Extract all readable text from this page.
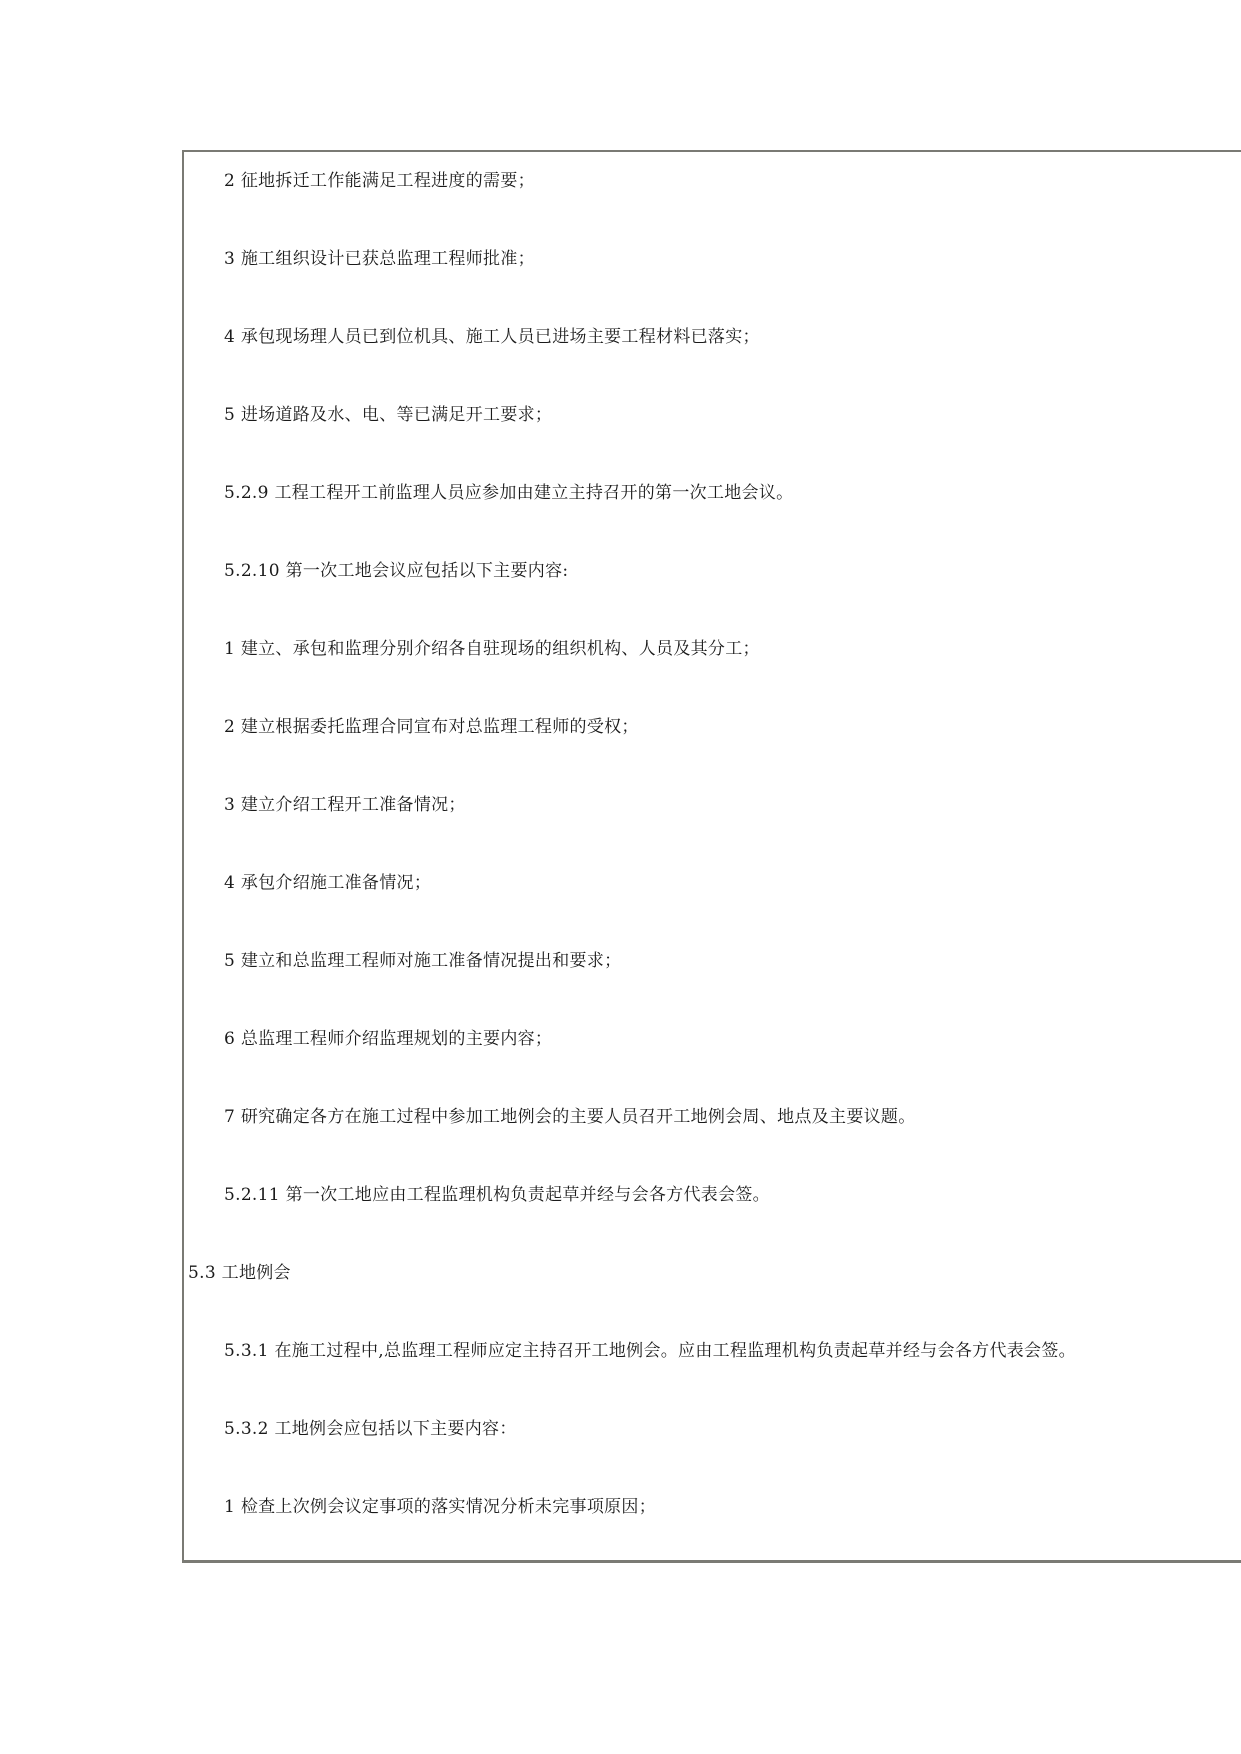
2 征地拆迁工作能满足工程进度的需要；
3 施工组织设计已获总监理工程师批准；
4 承包现场理人员已到位机具、施工人员已进场主要工程材料已落实；
5 进场道路及水、电、等已满足开工要求；
5.2.9 工程工程开工前监理人员应参加由建立主持召开的第一次工地会议。
5.2.10 第一次工地会议应包括以下主要内容:
1 建立、承包和监理分别介绍各自驻现场的组织机构、人员及其分工；
2 建立根据委托监理合同宣布对总监理工程师的受权；
3 建立介绍工程开工准备情况；
4 承包介绍施工准备情况；
5 建立和总监理工程师对施工准备情况提出和要求；
6 总监理工程师介绍监理规划的主要内容；
7 研究确定各方在施工过程中参加工地例会的主要人员召开工地例会周、地点及主要议题。
5.2.11 第一次工地应由工程监理机构负责起草并经与会各方代表会签。
5.3 工地例会
5.3.1 在施工过程中,总监理工程师应定主持召开工地例会。应由工程监理机构负责起草并经与会各方代表会签。
5.3.2 工地例会应包括以下主要内容：
1 检查上次例会议定事项的落实情况分析未完事项原因；
